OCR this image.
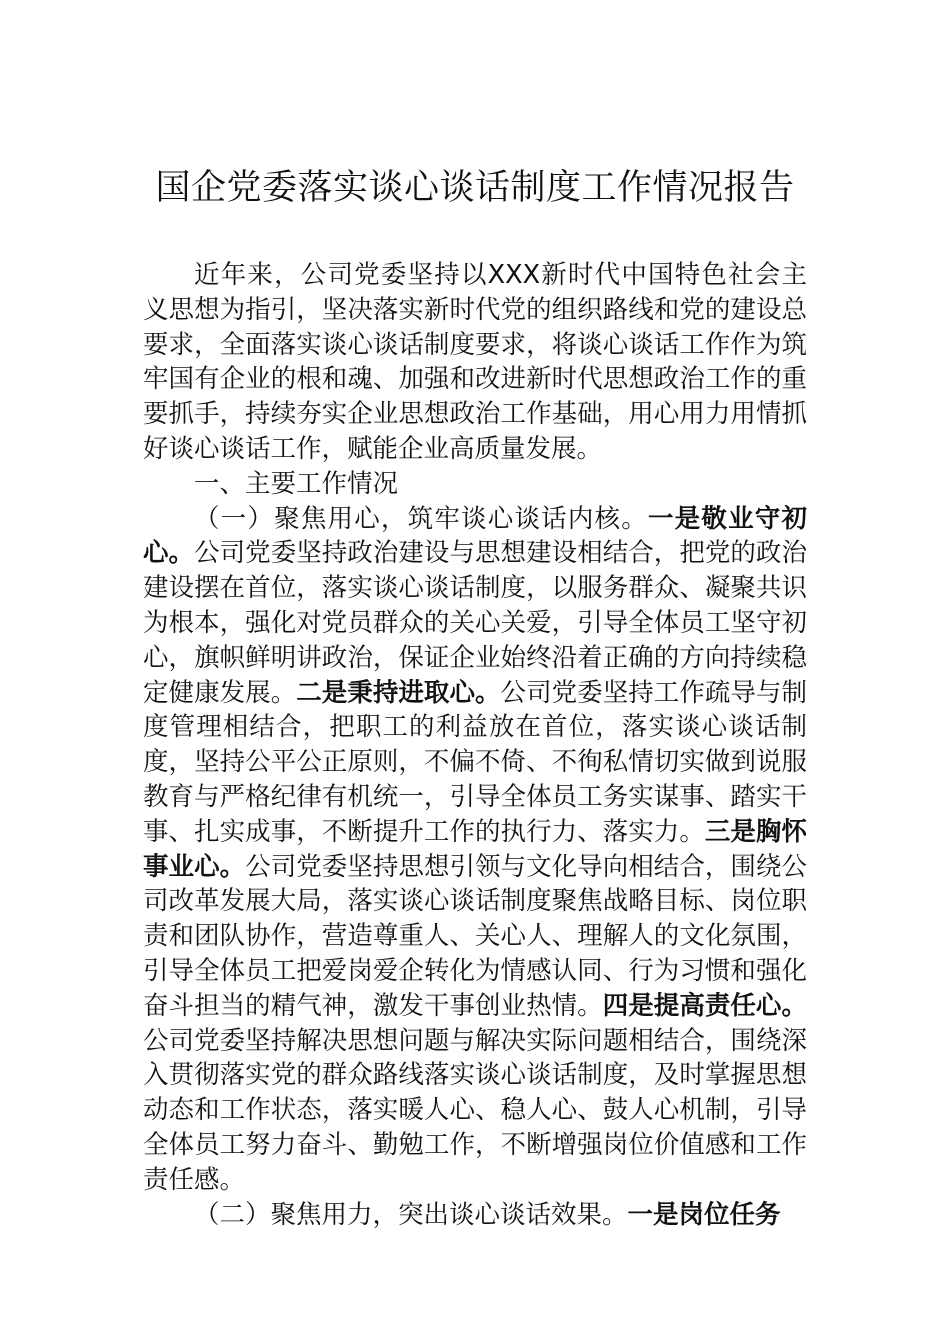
国企党委落实谈心谈话制度工作情况报告

近年来，公司党委坚持以XXX新时代中国特色社会主义思想为指引，坚决落实新时代党的组织路线和党的建设总要求，全面落实谈心谈话制度要求，将谈心谈话工作作为筑牢国有企业的根和魂、加强和改进新时代思想政治工作的重要抓手，持续夯实企业思想政治工作基础，用心用力用情抓好谈心谈话工作，赋能企业高质量发展。

一、主要工作情况

（一）聚焦用心，筑牢谈心谈话内核。一是敬业守初心。公司党委坚持政治建设与思想建设相结合，把党的政治建设摆在首位，落实谈心谈话制度，以服务群众、凝聚共识为根本，强化对党员群众的关心关爱，引导全体员工坚守初心，旗帜鲜明讲政治，保证企业始终沿着正确的方向持续稳定健康发展。二是秉持进取心。公司党委坚持工作疏导与制度管理相结合，把职工的利益放在首位，落实谈心谈话制度，坚持公平公正原则，不偏不倚、不徇私情切实做到说服教育与严格纪律有机统一，引导全体员工务实谋事、踏实干事、扎实成事，不断提升工作的执行力、落实力。三是胸怀事业心。公司党委坚持思想引领与文化导向相结合，围绕公司改革发展大局，落实谈心谈话制度聚焦战略目标、岗位职责和团队协作，营造尊重人、关心人、理解人的文化氛围，引导全体员工把爱岗爱企转化为情感认同、行为习惯和强化奋斗担当的精气神，激发干事创业热情。四是提高责任心。公司党委坚持解决思想问题与解决实际问题相结合，围绕深入贯彻落实党的群众路线落实谈心谈话制度，及时掌握思想动态和工作状态，落实暖人心、稳人心、鼓人心机制，引导全体员工努力奋斗、勤勉工作，不断增强岗位价值感和工作责任感。

（二）聚焦用力，突出谈心谈话效果。一是岗位任务
